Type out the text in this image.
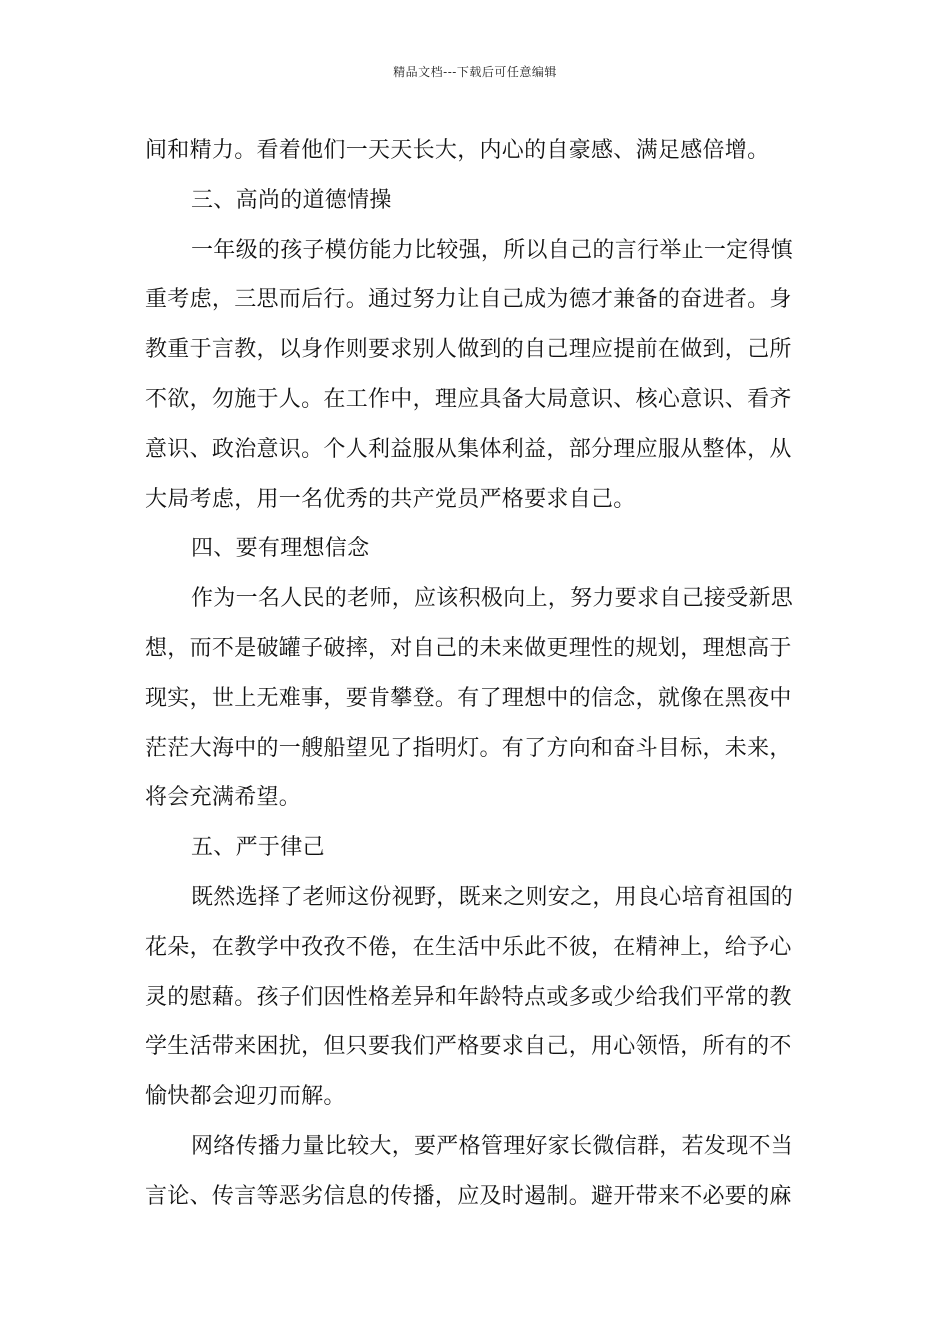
精品文档---下载后可任意编辑
间和精力。看着他们一天天长大，内心的自豪感、满足感倍增。
三、高尚的道德情操
一年级的孩子模仿能力比较强，所以自己的言行举止一定得慎
重考虑，三思而后行。通过努力让自己成为德才兼备的奋进者。身
教重于言教，以身作则要求别人做到的自己理应提前在做到，己所
不欲，勿施于人。在工作中，理应具备大局意识、核心意识、看齐
意识、政治意识。个人利益服从集体利益，部分理应服从整体，从
大局考虑，用一名优秀的共产党员严格要求自己。
四、要有理想信念
作为一名人民的老师，应该积极向上，努力要求自己接受新思
想，而不是破罐子破摔，对自己的未来做更理性的规划，理想高于
现实，世上无难事，要肯攀登。有了理想中的信念，就像在黑夜中
茫茫大海中的一艘船望见了指明灯。有了方向和奋斗目标，未来，
将会充满希望。
五、严于律己
既然选择了老师这份视野，既来之则安之，用良心培育祖国的
花朵，在教学中孜孜不倦，在生活中乐此不彼，在精神上，给予心
灵的慰藉。孩子们因性格差异和年龄特点或多或少给我们平常的教
学生活带来困扰，但只要我们严格要求自己，用心领悟，所有的不
愉快都会迎刃而解。
网络传播力量比较大，要严格管理好家长微信群，若发现不当
言论、传言等恶劣信息的传播，应及时遏制。避开带来不必要的麻
